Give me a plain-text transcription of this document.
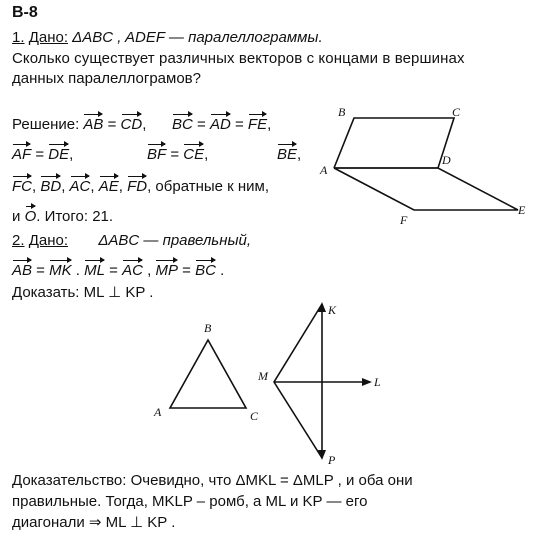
В-8
1. Дано: ΔABC , ADEF — паралеллограммы.
Сколько существует различных векторов с концами в вершинах
данных паралеллограмов?
Решение: AB = CD, BC = AD = FE,
AF = DE,	BF = CE,	BE,
FC, BD, AC, AE, FD, обратные к ним,
и O. Итого: 21.
B	C
A
D
F
E
2. Дано: ΔABC — правельный,
AB = MK . ML = AC , MP = BC .
Доказать: ML ⊥ KP .
B
A	C
K
M	L
P
Доказательство: Очевидно, что ΔMKL = ΔMLP , и оба они
правильные. Тогда, MKLP – ромб, а ML и KP — его
диагонали ⇒ ML ⊥ KP .
